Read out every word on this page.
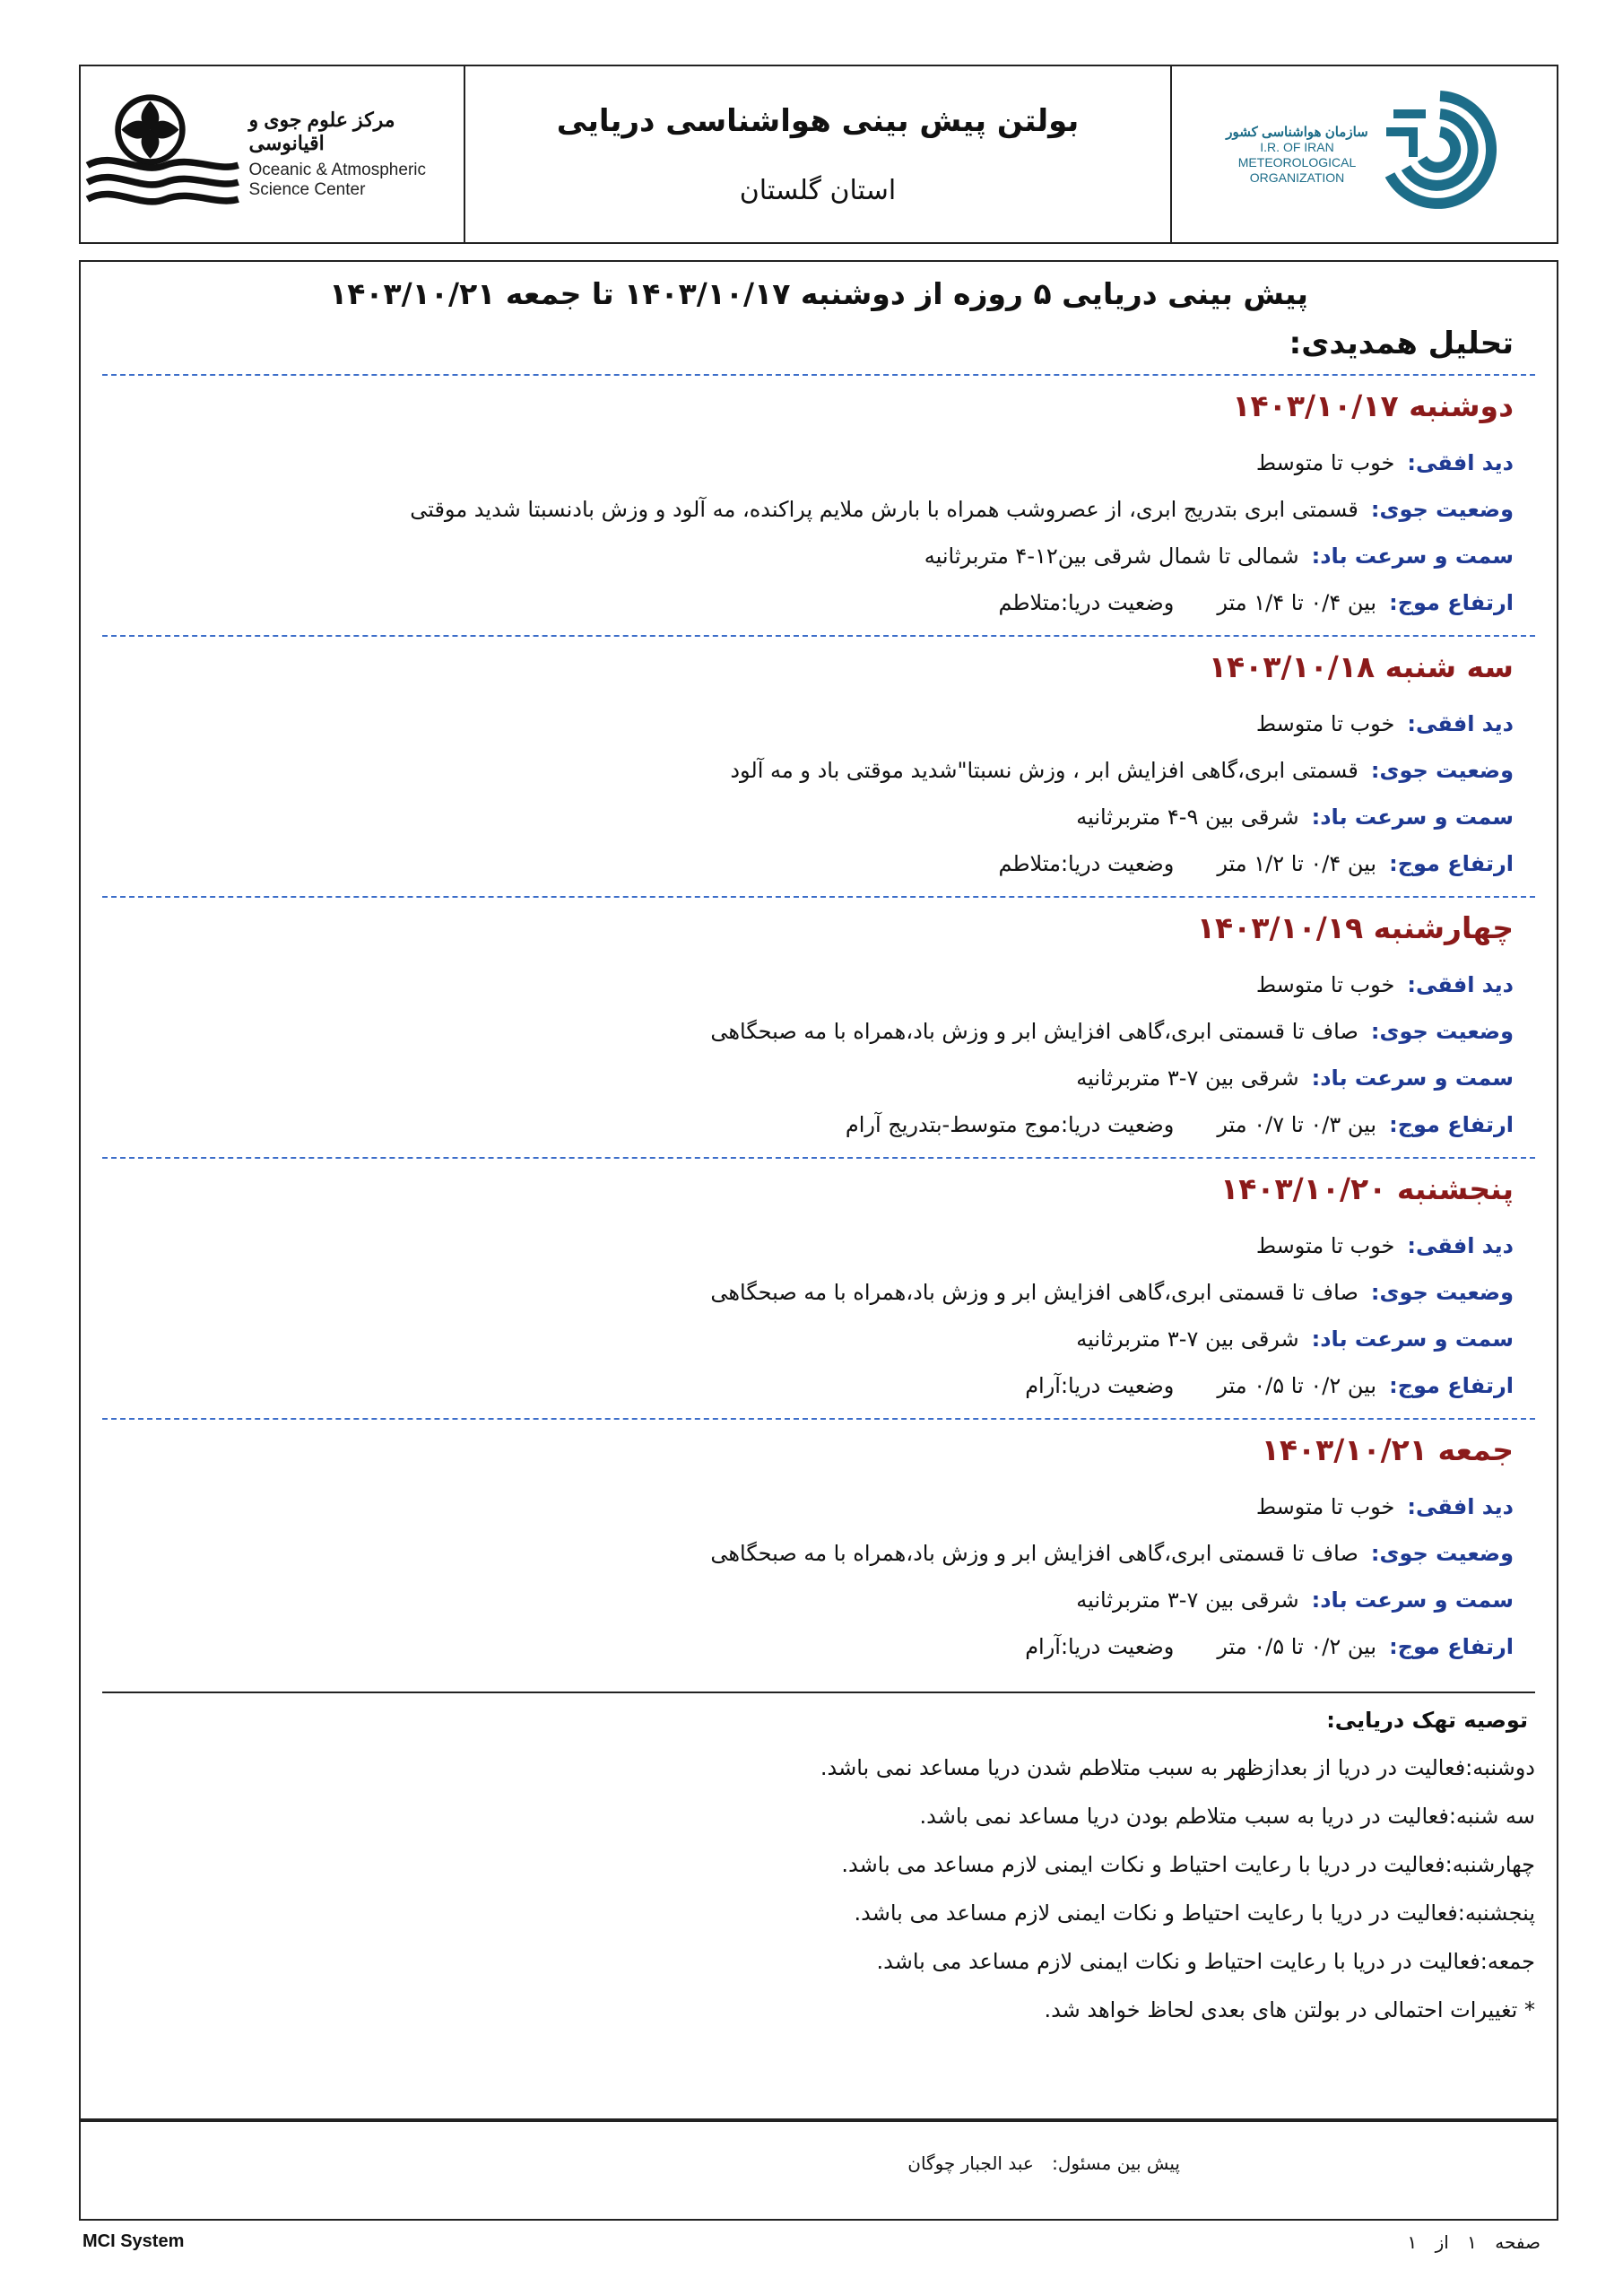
مرکز علوم جوی و اقیانوسی
Oceanic & Atmospheric
Science Center
بولتن پیش بینی هواشناسی دریایی
استان گلستان
سازمان هواشناسی کشور
I.R. OF IRAN
METEOROLOGICAL
ORGANIZATION
پیش بینی دریایی ۵ روزه از دوشنبه ۱۴۰۳/۱۰/۱۷ تا جمعه ۱۴۰۳/۱۰/۲۱
تحلیل همدیدی:
دوشنبه ۱۴۰۳/۱۰/۱۷
دید افقی:خوب تا متوسط
وضعیت جوی:قسمتی ابری بتدریج ابری، از عصروشب همراه با بارش ملایم پراکنده، مه آلود و وزش بادنسبتا شدید موقتی
سمت و سرعت باد:شمالی تا شمال شرقی بین۱۲-۴ متربرثانیه
ارتفاع موج:بین ۰/۴ تا ۱/۴ متروضعیت دریا:متلاطم
سه شنبه ۱۴۰۳/۱۰/۱۸
دید افقی:خوب تا متوسط
وضعیت جوی:قسمتی ابری،گاهی افزایش ابر ، وزش نسبتا"شدید موقتی باد و مه آلود
سمت و سرعت باد:شرقی بین ۹-۴ متربرثانیه
ارتفاع موج:بین ۰/۴ تا ۱/۲ متروضعیت دریا:متلاطم
چهارشنبه ۱۴۰۳/۱۰/۱۹
دید افقی:خوب تا متوسط
وضعیت جوی:صاف تا قسمتی ابری،گاهی افزایش ابر و وزش باد،همراه با مه صبحگاهی
سمت و سرعت باد:شرقی بین ۷-۳ متربرثانیه
ارتفاع موج:بین ۰/۳ تا ۰/۷ متروضعیت دریا:موج متوسط-بتدریج آرام
پنجشنبه ۱۴۰۳/۱۰/۲۰
دید افقی:خوب تا متوسط
وضعیت جوی:صاف تا قسمتی ابری،گاهی افزایش ابر و وزش باد،همراه با مه صبحگاهی
سمت و سرعت باد:شرقی بین ۷-۳ متربرثانیه
ارتفاع موج:بین ۰/۲ تا ۰/۵ متروضعیت دریا:آرام
جمعه ۱۴۰۳/۱۰/۲۱
دید افقی:خوب تا متوسط
وضعیت جوی:صاف تا قسمتی ابری،گاهی افزایش ابر و وزش باد،همراه با مه صبحگاهی
سمت و سرعت باد:شرقی بین ۷-۳ متربرثانیه
ارتفاع موج:بین ۰/۲ تا ۰/۵ متروضعیت دریا:آرام
توصیه تهک دریایی:
دوشنبه:فعالیت در دریا از بعدازظهر به سبب متلاطم شدن دریا مساعد نمی باشد.
سه شنبه:فعالیت در دریا به سبب متلاطم بودن دریا مساعد نمی باشد.
چهارشنبه:فعالیت در دریا با رعایت احتیاط و نکات ایمنی لازم مساعد می باشد.
پنجشنبه:فعالیت در دریا با رعایت احتیاط و نکات ایمنی لازم مساعد می باشد.
جمعه:فعالیت در دریا با رعایت احتیاط و نکات ایمنی لازم مساعد می باشد.
* تغییرات احتمالی در بولتن های بعدی لحاظ خواهد شد.
پیش بین مسئول: عبد الجبار چوگان
MCI System	صفحه ۱ از ۱
